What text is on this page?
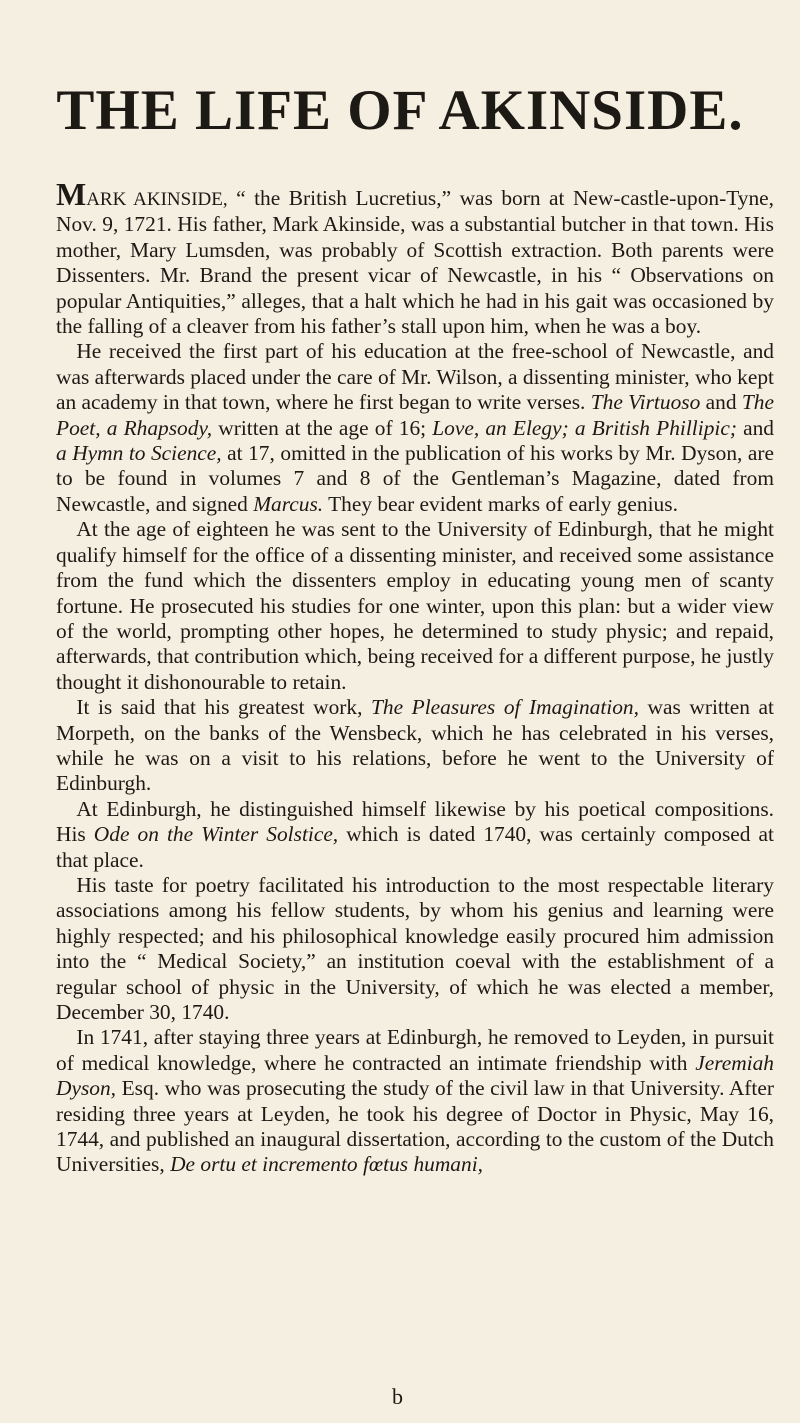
THE LIFE OF AKINSIDE.

MARK AKINSIDE, “ the British Lucretius,” was born at New-castle-upon-Tyne, Nov. 9, 1721. His father, Mark Akinside, was a substantial butcher in that town. His mother, Mary Lumsden, was probably of Scottish extraction. Both parents were Dissenters. Mr. Brand the present vicar of Newcastle, in his “ Observations on popular Antiquities,” alleges, that a halt which he had in his gait was occasioned by the falling of a cleaver from his father’s stall upon him, when he was a boy.

He received the first part of his education at the free-school of Newcastle, and was afterwards placed under the care of Mr. Wilson, a dissenting minister, who kept an academy in that town, where he first began to write verses. The Virtuoso and The Poet, a Rhapsody, written at the age of 16; Love, an Elegy; a British Phillipic; and a Hymn to Science, at 17, omitted in the publication of his works by Mr. Dyson, are to be found in volumes 7 and 8 of the Gentleman’s Magazine, dated from Newcastle, and signed Marcus. They bear evident marks of early genius.

At the age of eighteen he was sent to the University of Edinburgh, that he might qualify himself for the office of a dissenting minister, and received some assistance from the fund which the dissenters employ in educating young men of scanty fortune. He prosecuted his studies for one winter, upon this plan: but a wider view of the world, prompting other hopes, he determined to study physic; and repaid, afterwards, that contribution which, being received for a different purpose, he justly thought it dishonourable to retain.

It is said that his greatest work, The Pleasures of Imagination, was written at Morpeth, on the banks of the Wensbeck, which he has celebrated in his verses, while he was on a visit to his relations, before he went to the University of Edinburgh.

At Edinburgh, he distinguished himself likewise by his poetical compositions. His Ode on the Winter Solstice, which is dated 1740, was certainly composed at that place.

His taste for poetry facilitated his introduction to the most respectable literary associations among his fellow students, by whom his genius and learning were highly respected; and his philosophical knowledge easily procured him admission into the “ Medical Society,” an institution coeval with the establishment of a regular school of physic in the University, of which he was elected a member, December 30, 1740.

In 1741, after staying three years at Edinburgh, he removed to Leyden, in pursuit of medical knowledge, where he contracted an intimate friendship with Jeremiah Dyson, Esq. who was prosecuting the study of the civil law in that University. After residing three years at Leyden, he took his degree of Doctor in Physic, May 16, 1744, and published an inaugural dissertation, according to the custom of the Dutch Universities, De ortu et incremento fœtus humani,

b
